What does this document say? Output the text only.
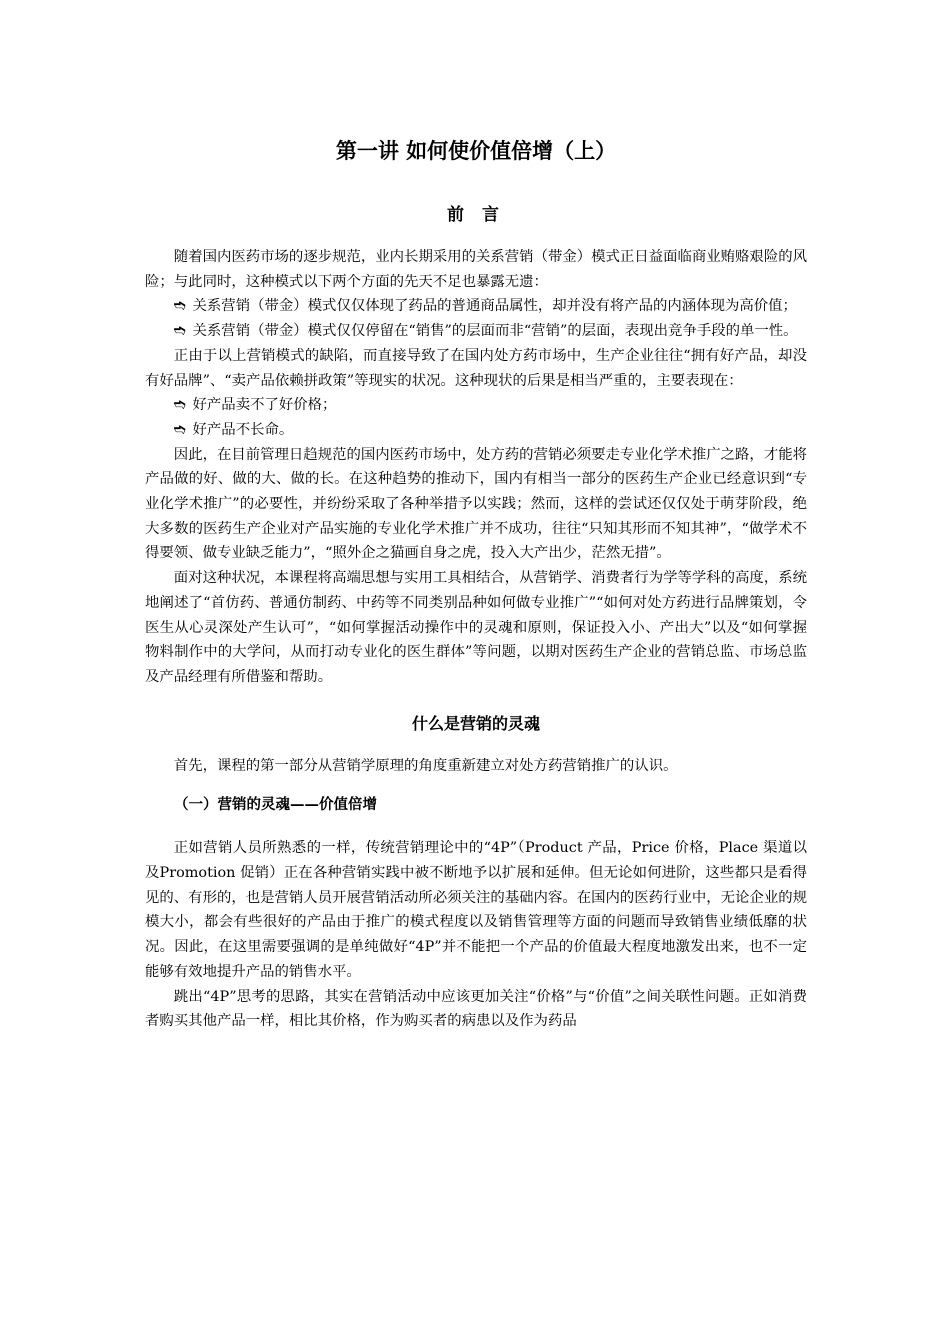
第一讲 如何使价值倍增（上）
前 言

随着国内医药市场的逐步规范，业内长期采用的关系营销（带金）模式正日益面临商业贿赂艰险的风险；与此同时，这种模式以下两个方面的先天不足也暴露无遗：

➬ 关系营销（带金）模式仅仅体现了药品的普通商品属性，却并没有将产品的内涵体现为高价值；

➬ 关系营销（带金）模式仅仅停留在“销售”的层面而非“营销”的层面，表现出竞争手段的单一性。

正由于以上营销模式的缺陷，而直接导致了在国内处方药市场中，生产企业往往“拥有好产品，却没有好品牌”、“卖产品依赖拼政策”等现实的状况。这种现状的后果是相当严重的，主要表现在：

➬ 好产品卖不了好价格；

➬ 好产品不长命。

因此，在目前管理日趋规范的国内医药市场中，处方药的营销必须要走专业化学术推广之路，才能将产品做的好、做的大、做的长。在这种趋势的推动下，国内有相当一部分的医药生产企业已经意识到“专业化学术推广”的必要性，并纷纷采取了各种举措予以实践；然而，这样的尝试还仅仅处于萌芽阶段，绝大多数的医药生产企业对产品实施的专业化学术推广并不成功，往往“只知其形而不知其神”，“做学术不得要领、做专业缺乏能力”，“照外企之猫画自身之虎，投入大产出少，茫然无措”。

面对这种状况，本课程将高端思想与实用工具相结合，从营销学、消费者行为学等学科的高度，系统地阐述了“首仿药、普通仿制药、中药等不同类别品种如何做专业推广”“如何对处方药进行品牌策划，令医生从心灵深处产生认可”，“如何掌握活动操作中的灵魂和原则，保证投入小、产出大”以及“如何掌握物料制作中的大学问，从而打动专业化的医生群体”等问题，以期对医药生产企业的营销总监、市场总监及产品经理有所借鉴和帮助。

什么是营销的灵魂

首先，课程的第一部分从营销学原理的角度重新建立对处方药营销推广的认识。

（一）营销的灵魂——价值倍增

正如营销人员所熟悉的一样，传统营销理论中的“4P”（Product 产品，Price 价格，Place 渠道以及Promotion 促销）正在各种营销实践中被不断地予以扩展和延伸。但无论如何进阶，这些都只是看得见的、有形的，也是营销人员开展营销活动所必须关注的基础内容。在国内的医药行业中，无论企业的规模大小，都会有些很好的产品由于推广的模式程度以及销售管理等方面的问题而导致销售业绩低靡的状况。因此，在这里需要强调的是单纯做好“4P”并不能把一个产品的价值最大程度地激发出来，也不一定能够有效地提升产品的销售水平。

跳出“4P”思考的思路，其实在营销活动中应该更加关注“价格”与“价值”之间关联性问题。正如消费者购买其他产品一样，相比其价格，作为购买者的病患以及作为药品
